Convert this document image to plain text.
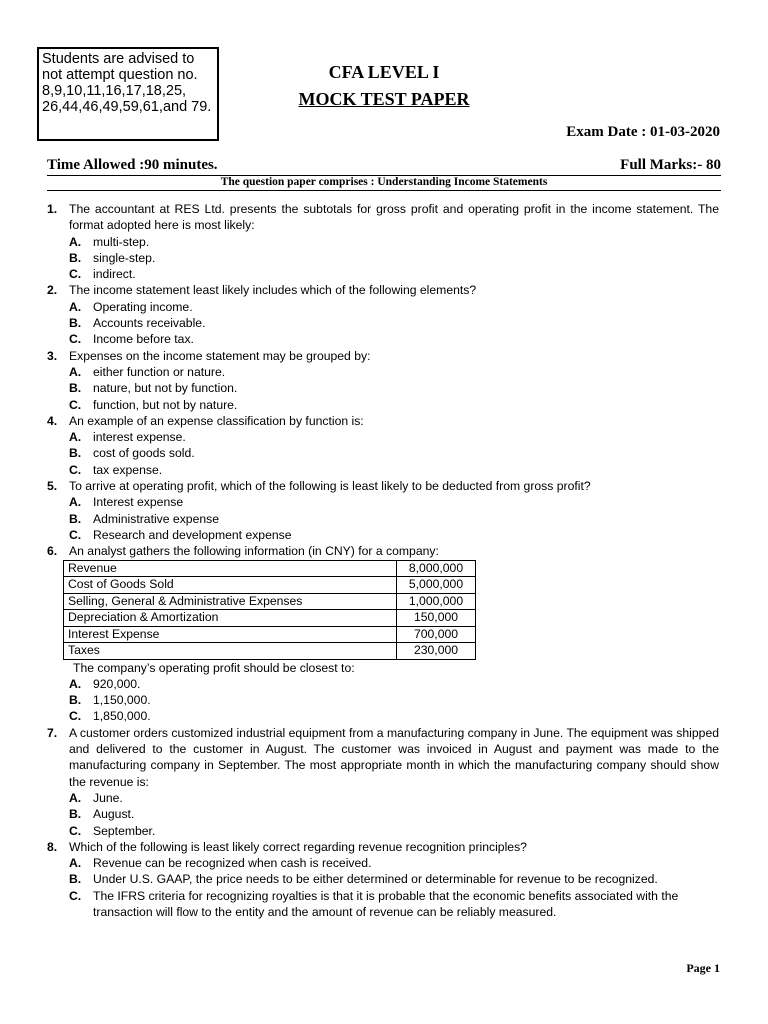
Students are advised to not attempt question no. 8,9,10,11,16,17,18,25, 26,44,46,49,59,61,and 79.
CFA LEVEL I
MOCK TEST PAPER
Exam Date : 01-03-2020
Time Allowed :90 minutes.	Full Marks:- 80
The question paper comprises : Understanding Income Statements
1. The accountant at RES Ltd. presents the subtotals for gross profit and operating profit in the income statement. The format adopted here is most likely:
A. multi-step.
B. single-step.
C. indirect.
2. The income statement least likely includes which of the following elements?
A. Operating income.
B. Accounts receivable.
C. Income before tax.
3. Expenses on the income statement may be grouped by:
A. either function or nature.
B. nature, but not by function.
C. function, but not by nature.
4. An example of an expense classification by function is:
A. interest expense.
B. cost of goods sold.
C. tax expense.
5. To arrive at operating profit, which of the following is least likely to be deducted from gross profit?
A. Interest expense
B. Administrative expense
C. Research and development expense
6. An analyst gathers the following information (in CNY) for a company:
Revenue	8,000,000
Cost of Goods Sold	5,000,000
Selling, General & Administrative Expenses	1,000,000
Depreciation & Amortization	150,000
Interest Expense	700,000
Taxes	230,000
The company’s operating profit should be closest to:
A. 920,000.
B. 1,150,000.
C. 1,850,000.
7. A customer orders customized industrial equipment from a manufacturing company in June. The equipment was shipped and delivered to the customer in August. The customer was invoiced in August and payment was made to the manufacturing company in September. The most appropriate month in which the manufacturing company should show the revenue is:
A. June.
B. August.
C. September.
8. Which of the following is least likely correct regarding revenue recognition principles?
A. Revenue can be recognized when cash is received.
B. Under U.S. GAAP, the price needs to be either determined or determinable for revenue to be recognized.
C. The IFRS criteria for recognizing royalties is that it is probable that the economic benefits associated with the transaction will flow to the entity and the amount of revenue can be reliably measured.
Page 1
